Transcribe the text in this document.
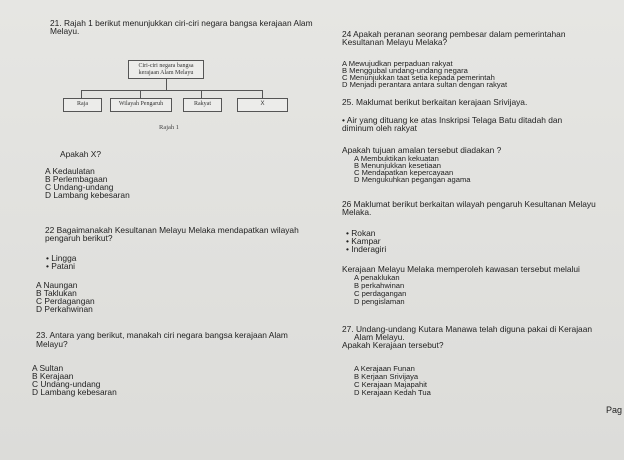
21. Rajah 1 berikut menunjukkan ciri-ciri negara bangsa kerajaan Alam
Melayu.
Ciri-ciri negara bangsa
kerajaan Alam Melayu
Raja	Wilayah Pengaruh	Rakyat	X
Rajah 1
Apakah X?
A Kedaulatan
B Perlembagaan
C Undang-undang
D Lambang kebesaran
22 Bagaimanakah Kesultanan Melayu Melaka mendapatkan wilayah
pengaruh berikut?
• Lingga
• Patani
A Naungan
B Taklukan
C Perdagangan
D Perkahwinan
23. Antara yang berikut, manakah ciri negara bangsa kerajaan Alam
Melayu?
A Sultan
B Kerajaan
C Undang-undang
D Lambang kebesaran
24 Apakah peranan seorang pembesar dalam pemerintahan
Kesultanan Melayu Melaka?
A Mewujudkan perpaduan rakyat
B Menggubal undang-undang negara
C Menunjukkan taat setia kepada pemerintah
D Menjadi perantara antara sultan dengan rakyat
25. Maklumat berikut berkaitan kerajaan Srivijaya.
• Air yang dituang ke atas Inskripsi Telaga Batu ditadah dan
diminum oleh rakyat
Apakah tujuan amalan tersebut diadakan ?
A Membuktikan kekuatan
B Menunjukkan kesetiaan
C Mendapatkan kepercayaan
D Mengukuhkan pegangan agama
26 Maklumat berikut berkaitan wilayah pengaruh Kesultanan Melayu
Melaka.
• Rokan
• Kampar
• Inderagiri
Kerajaan Melayu Melaka memperoleh kawasan tersebut melalui
A penaklukan
B perkahwinan
C perdagangan
D pengislaman
27. Undang-undang Kutara Manawa telah diguna pakai di Kerajaan
Alam Melayu.
Apakah Kerajaan tersebut?
A Kerajaan Funan
B Kerjaan Srivijaya
C Kerajaan Majapahit
D Kerajaan Kedah Tua
Pag
